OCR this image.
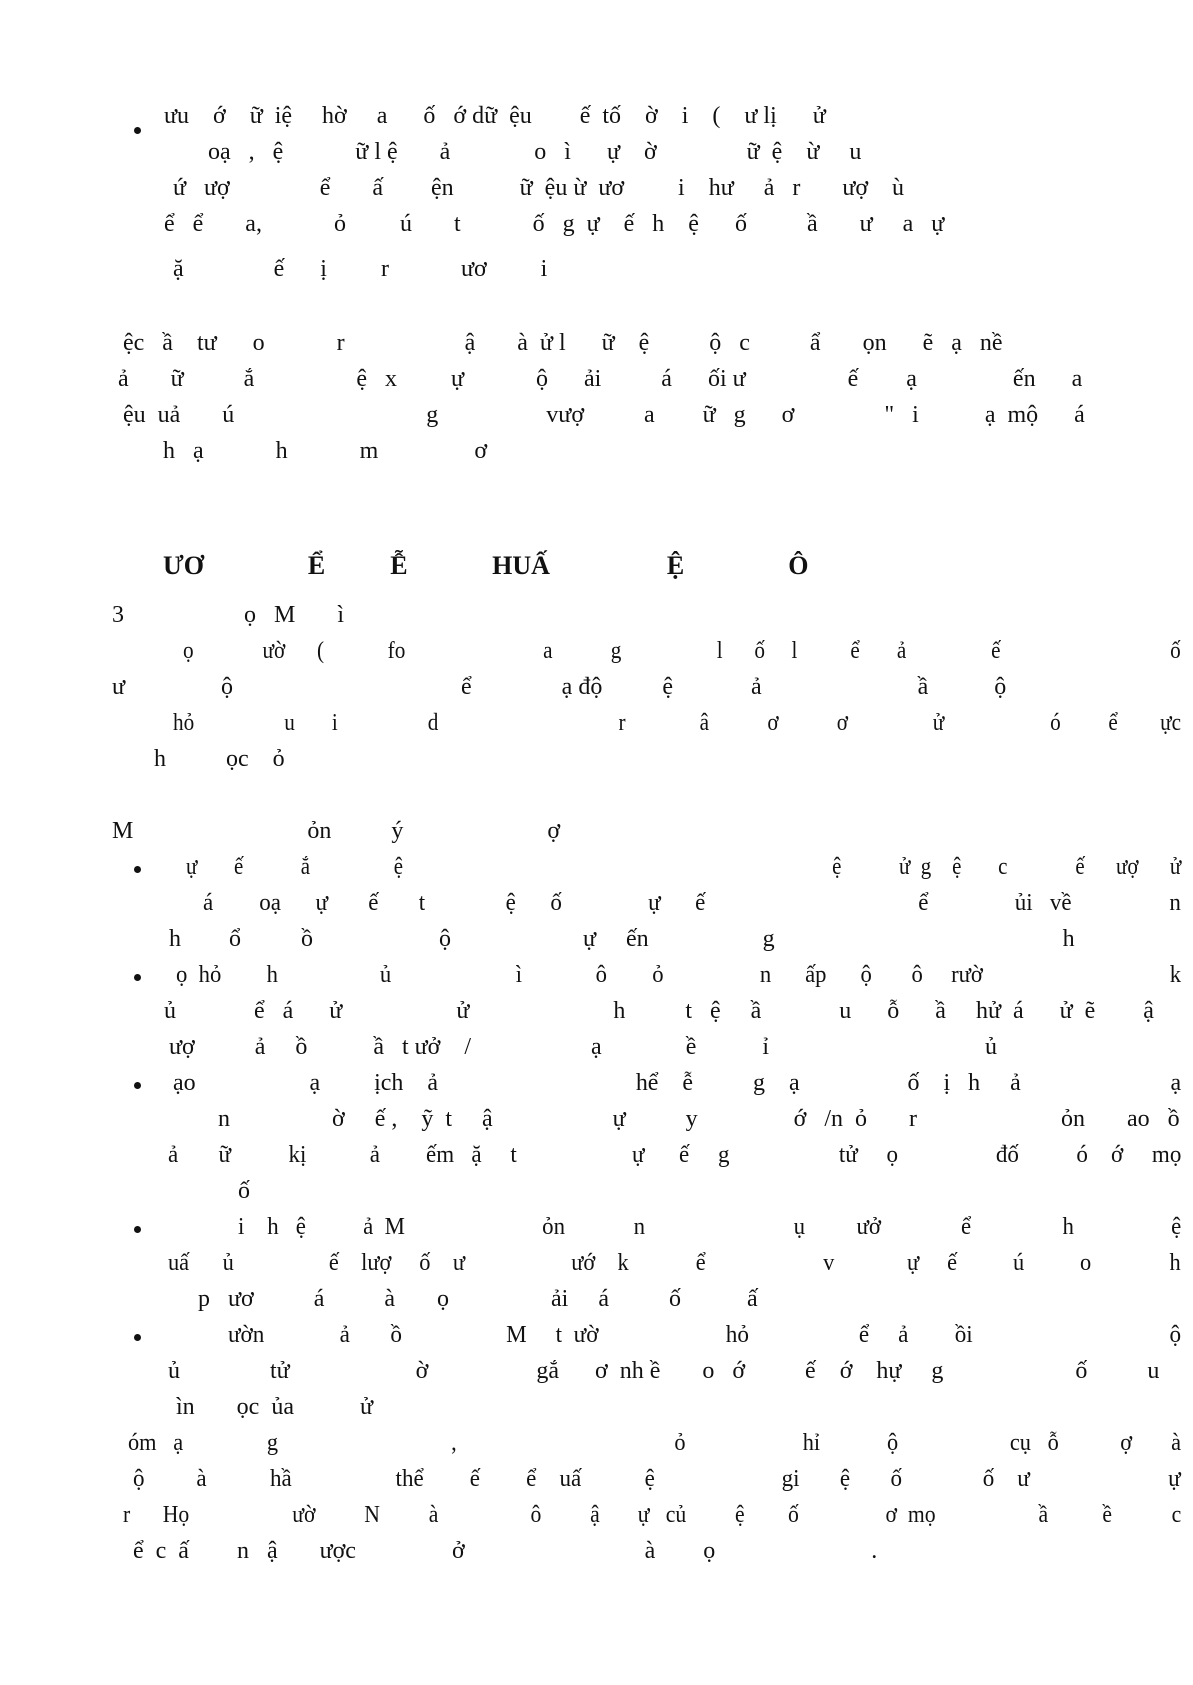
ưu    ớ    ữ  iệ     hờ     a      ố   ớ dữ  ệu        ế  tố    ờ    i    (    ư lị      ử
oạ   ,   ệ            ữ l ệ       ả              o   ì      ự    ờ               ữ  ệ    ừ     u
ứ   ượ               ể       ấ        ện           ữ  ệu ừ  ươ         i    hư     ả   r       ượ    ù
ể   ể       a,            ỏ         ú       t            ố   g  ự    ế   h    ệ      ố          ầ       ư     a   ự
ặ               ế      ị         r            ươ         i
ệc   ầ    tư      o            r                    ậ       à  ử l      ữ    ệ          ộ   c          ẩ       ọn      ẽ   ạ   nề
ả       ữ          ắ                 ệ   x         ự            ộ      ải          á      ối ư                 ế        ạ                ến      a
ệu  uả       ú                                g                  vượ          a        ữ   g      ơ               "   i           ạ  mộ      á
h   ạ            h            m                ơ
ƯƠ                Ể          Ễ             HUẤ                  Ệ                Ô
3                    ọ   M       ì
ọ             ườ      (            fo                          a           g                  l      ố     l          ể       ả                ế                                ố
ư                ộ                                      ể               ạ độ          ệ             ả                          ầ           ộ
hỏ                 u       i                 d                                  r              â           ơ           ơ                ử                    ó         ể        ực
h          ọc    ỏ
M                             ỏn          ý                        ợ
ự       ế           ắ                ệ                                                                                  ệ           ử  g    ệ       c             ế      ượ      ử
á        oạ      ự       ế       t              ệ      ố               ự      ế                                     ể               ủi   về                 n
h        ổ          ồ                     ộ                      ự     ến                   g                                                h
ọ  hỏ        h                  ủ                      ì             ô        ỏ                 n      ấp      ộ       ô     rườ                                 k
ủ             ể   á      ử                   ử                        h          t   ệ     ầ             u      ỗ      ầ     hử  á      ử  ẽ        ậ
ượ          ả     ồ           ầ   t ưở    /                    ạ              ề           ỉ                                    ủ
ạo                   ạ         ịch    ả                                 hể    ễ          g    ạ                  ố    ị   h     ả                         ạ
n                 ờ     ế ,    ỹ  t     ậ                    ự          y                ớ   /n  ỏ       r                        ỏn       ao   ồ
ả       ữ          kị           ả        ếm   ặ     t                    ự      ế     g                   tử     ọ                 đố          ó    ớ     mọ
ố
i    h   ệ          ả  M                        ỏn            n                          ụ         ưở              ể                h                 ệ
uấ      ủ                 ế    lượ     ố    ư                   ướ    k            ể                     v             ự     ế          ú          o              h
p   ươ          á          à       ọ                 ải     á          ố           ấ
ườn             ả       ồ                  M     t  ườ                      hỏ                   ể     ả        ồi                                  ộ
ủ               tử                     ờ                  gắ      ơ  nh ề       o   ớ          ế    ớ    hự     g                      ố          u
ìn       ọc  ủa           ử
óm   ạ               g                               ,                                       ỏ                     hỉ            ộ                    cụ   ỗ           ợ       à
ộ         à           hầ                  thể        ế        ể    uấ           ệ                      gi       ệ       ố              ố    ư                        ự
r      Họ                   ườ         N         à                 ô         ậ       ự   củ         ệ        ố                ơ  mọ                   ầ          ề           c
ể  c  ấ        n   ậ       ược                ở                              à        ọ                          .
